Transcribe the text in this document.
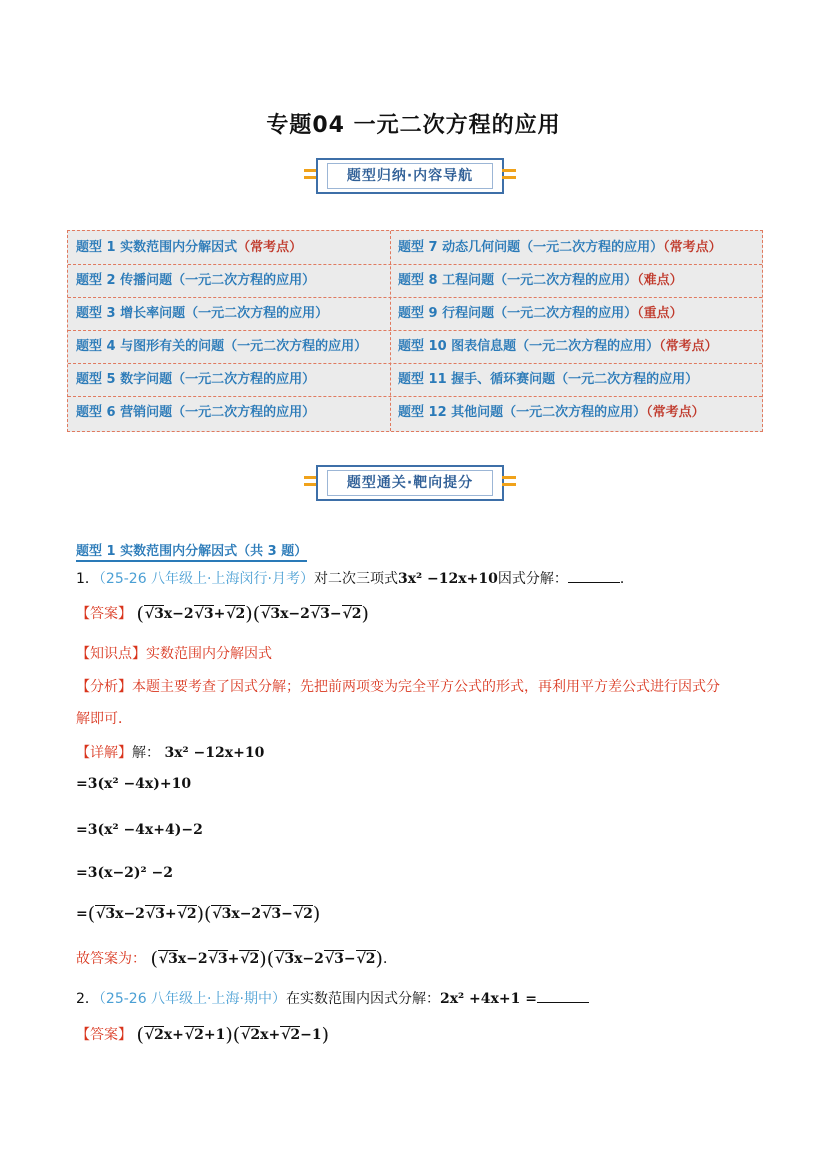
专题04 一元二次方程的应用
题型归纳·内容导航
题型 1 实数范围内分解因式（常考点）
题型 2 传播问题（一元二次方程的应用）
题型 3 增长率问题（一元二次方程的应用）
题型 4 与图形有关的问题（一元二次方程的应用）
题型 5 数字问题（一元二次方程的应用）
题型 6 营销问题（一元二次方程的应用）
题型 7 动态几何问题（一元二次方程的应用）（常考点）
题型 8 工程问题（一元二次方程的应用）（难点）
题型 9 行程问题（一元二次方程的应用）（重点）
题型 10 图表信息题（一元二次方程的应用）（常考点）
题型 11 握手、循环赛问题（一元二次方程的应用）
题型 12 其他问题（一元二次方程的应用）（常考点）
题型通关·靶向提分
题型 1 实数范围内分解因式（共 3 题）
1．（25-26 八年级上·上海闵行·月考）对二次三项式3x² −12x+10因式分解：	．
【答案】 ( √ 3x−2 √ 3+ √ 2)( √ 3x−2 √ 3− √ 2)
【知识点】实数范围内分解因式
【分析】本题主要考查了因式分解；先把前两项变为完全平方公式的形式，再利用平方差公式进行因式分
解即可．
【详解】解： 3x² −12x+10
=3(x² −4x)+10
=3(x² −4x+4)−2
=3(x−2)² −2
=( √ 3x−2 √ 3+ √ 2)( √ 3x−2 √ 3− √ 2)
故答案为： ( √ 3x−2 √ 3+ √ 2)( √ 3x−2 √ 3− √ 2)．
2．（25-26 八年级上·上海·期中）在实数范围内因式分解：2x² +4x+1 =
【答案】 ( √ 2x+ √ 2+1)( √ 2x+ √ 2−1)
